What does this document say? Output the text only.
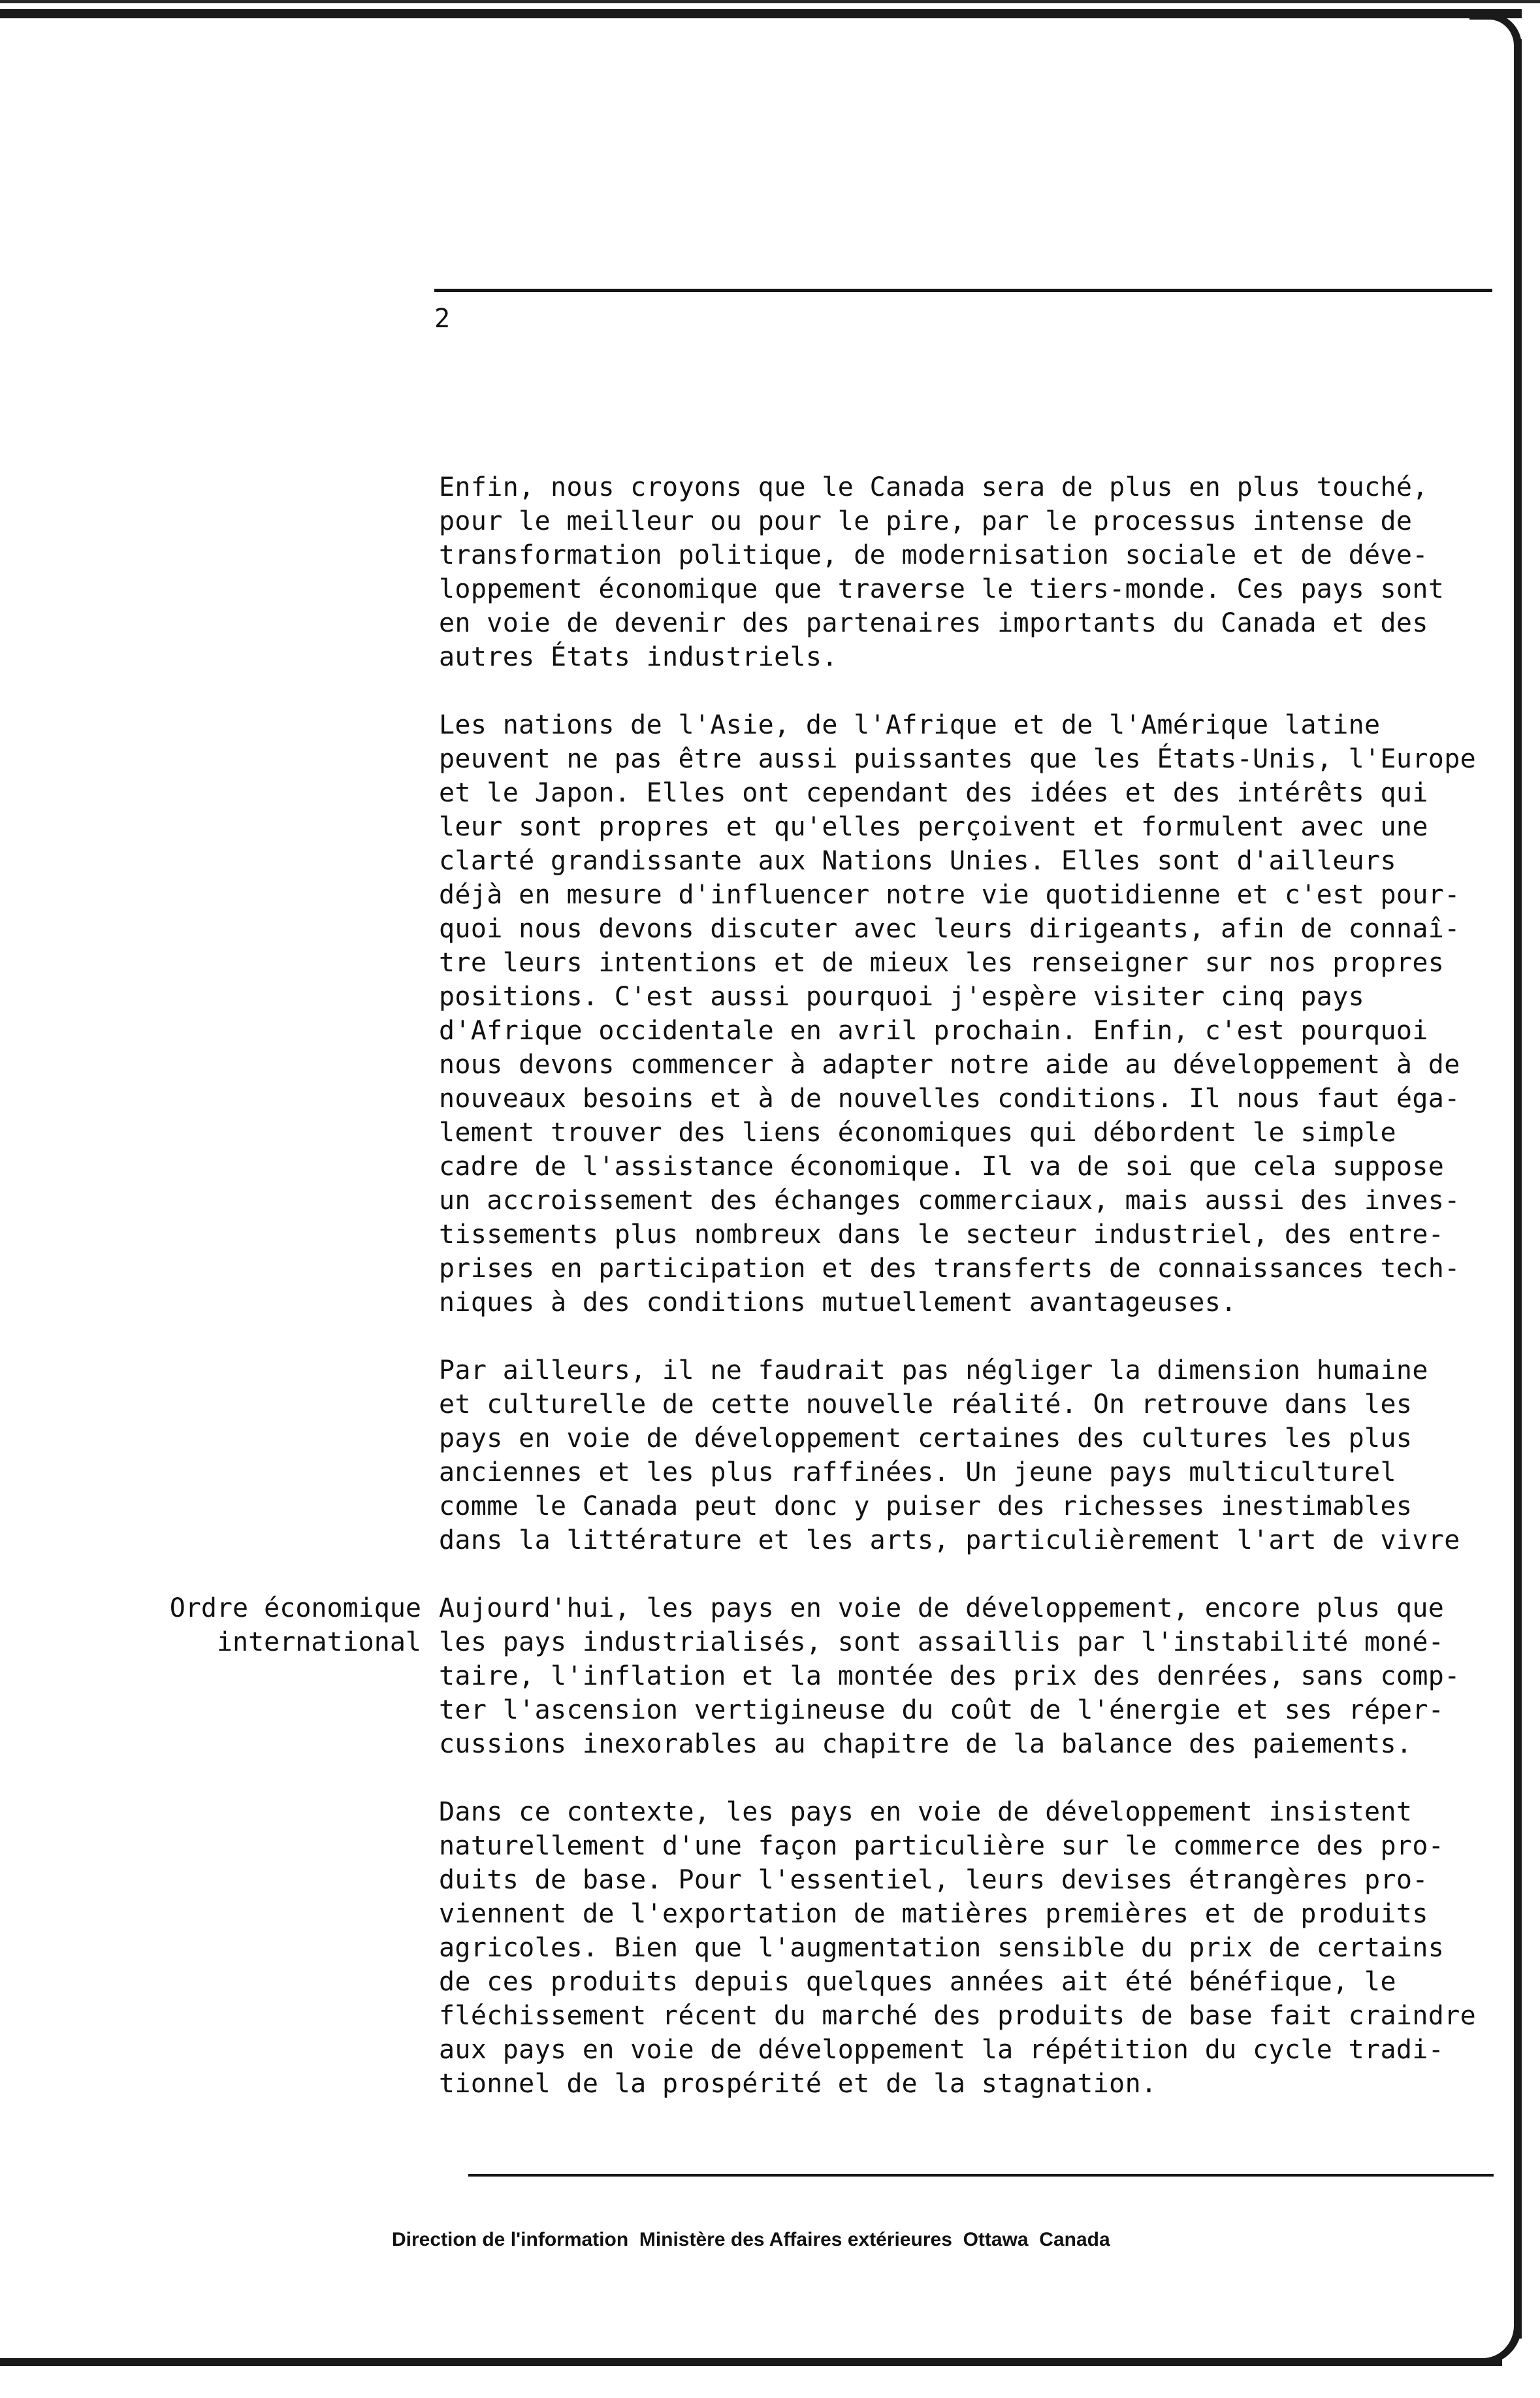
2
Ordre économique
international
Enfin, nous croyons que le Canada sera de plus en plus touché,
pour le meilleur ou pour le pire, par le processus intense de
transformation politique, de modernisation sociale et de déve-
loppement économique que traverse le tiers-monde. Ces pays sont
en voie de devenir des partenaires importants du Canada et des
autres États industriels.
Les nations de l'Asie, de l'Afrique et de l'Amérique latine
peuvent ne pas être aussi puissantes que les États-Unis, l'Europe
et le Japon. Elles ont cependant des idées et des intérêts qui
leur sont propres et qu'elles perçoivent et formulent avec une
clarté grandissante aux Nations Unies. Elles sont d'ailleurs
déjà en mesure d'influencer notre vie quotidienne et c'est pour-
quoi nous devons discuter avec leurs dirigeants, afin de connaî-
tre leurs intentions et de mieux les renseigner sur nos propres
positions. C'est aussi pourquoi j'espère visiter cinq pays
d'Afrique occidentale en avril prochain. Enfin, c'est pourquoi
nous devons commencer à adapter notre aide au développement à de
nouveaux besoins et à de nouvelles conditions. Il nous faut éga-
lement trouver des liens économiques qui débordent le simple
cadre de l'assistance économique. Il va de soi que cela suppose
un accroissement des échanges commerciaux, mais aussi des inves-
tissements plus nombreux dans le secteur industriel, des entre-
prises en participation et des transferts de connaissances tech-
niques à des conditions mutuellement avantageuses.
Par ailleurs, il ne faudrait pas négliger la dimension humaine
et culturelle de cette nouvelle réalité. On retrouve dans les
pays en voie de développement certaines des cultures les plus
anciennes et les plus raffinées. Un jeune pays multiculturel
comme le Canada peut donc y puiser des richesses inestimables
dans la littérature et les arts, particulièrement l'art de vivre
Aujourd'hui, les pays en voie de développement, encore plus que
les pays industrialisés, sont assaillis par l'instabilité moné-
taire, l'inflation et la montée des prix des denrées, sans comp-
ter l'ascension vertigineuse du coût de l'énergie et ses réper-
cussions inexorables au chapitre de la balance des paiements.
Dans ce contexte, les pays en voie de développement insistent
naturellement d'une façon particulière sur le commerce des pro-
duits de base. Pour l'essentiel, leurs devises étrangères pro-
viennent de l'exportation de matières premières et de produits
agricoles. Bien que l'augmentation sensible du prix de certains
de ces produits depuis quelques années ait été bénéfique, le
fléchissement récent du marché des produits de base fait craindre
aux pays en voie de développement la répétition du cycle tradi-
tionnel de la prospérité et de la stagnation.
Direction de l'information  Ministère des Affaires extérieures  Ottawa  Canada
